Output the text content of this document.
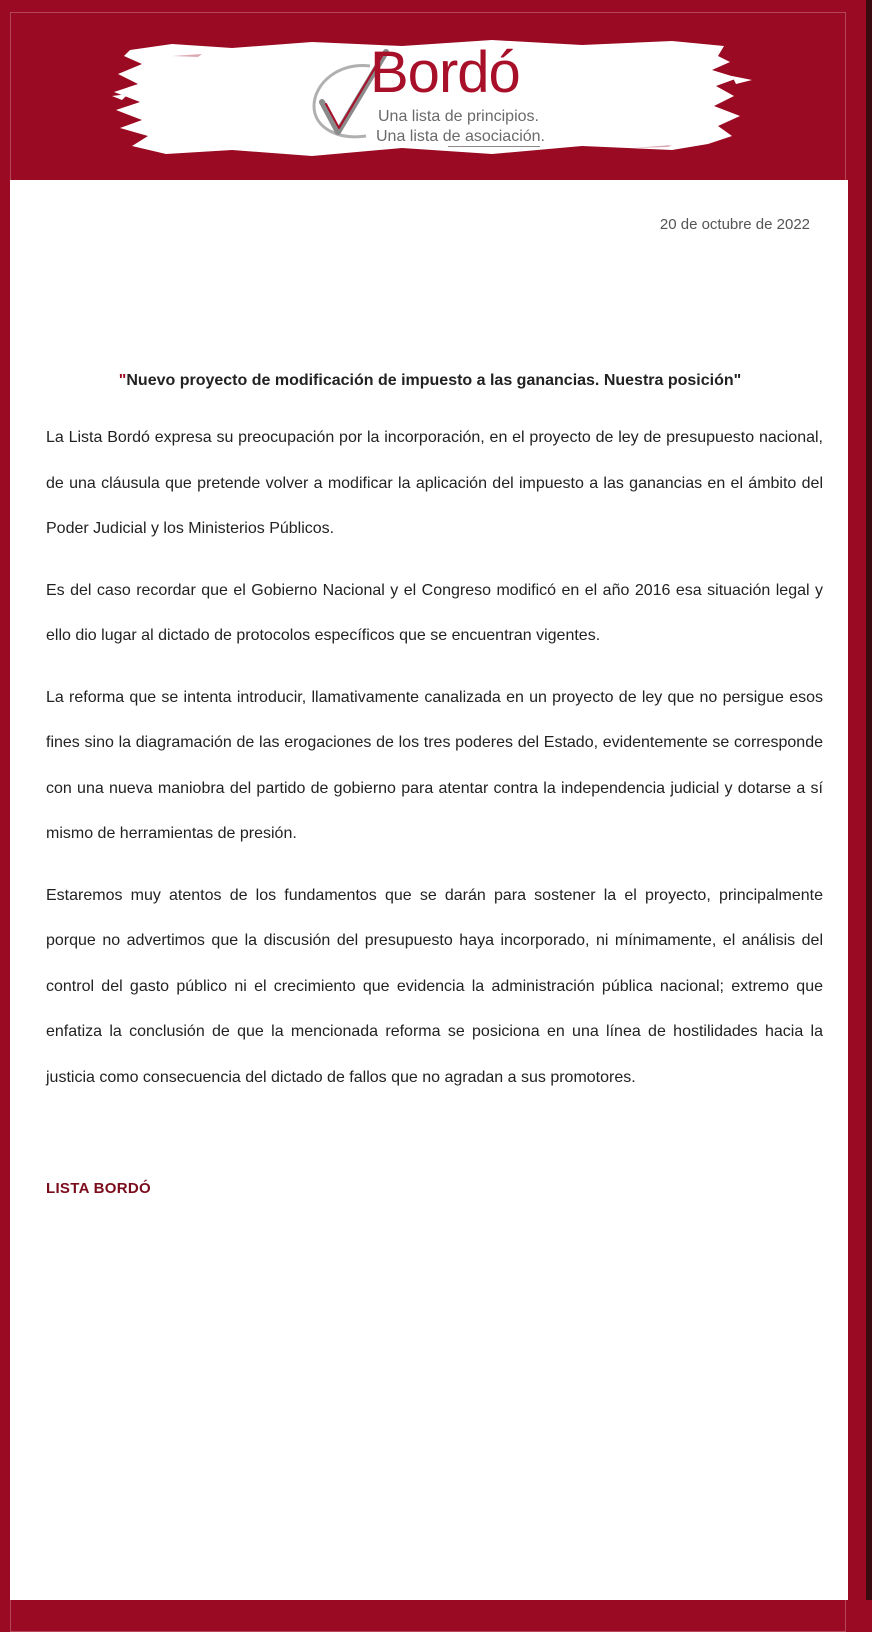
Bordó
Una lista de principios.
Una lista de asociación.
20 de octubre de 2022
"Nuevo proyecto de modificación de impuesto a las ganancias. Nuestra posición"

La Lista Bordó expresa su preocupación por la incorporación, en el proyecto de ley de presupuesto nacional, de una cláusula que pretende volver a modificar la aplicación del impuesto a las ganancias en el ámbito del Poder Judicial y los Ministerios Públicos.

Es del caso recordar que el Gobierno Nacional y el Congreso modificó en el año 2016 esa situación legal y ello dio lugar al dictado de protocolos específicos que se encuentran vigentes.

La reforma que se intenta introducir, llamativamente canalizada en un proyecto de ley que no persigue esos fines sino la diagramación de las erogaciones de los tres poderes del Estado, evidentemente se corresponde con una nueva maniobra del partido de gobierno para atentar contra la independencia judicial y dotarse a sí mismo de herramientas de presión.

Estaremos muy atentos de los fundamentos que se darán para sostener la el proyecto, principalmente porque no advertimos que la discusión del presupuesto haya incorporado, ni mínimamente, el análisis del control del gasto público ni el crecimiento que evidencia la administración pública nacional; extremo que enfatiza la conclusión de que la mencionada reforma se posiciona en una línea de hostilidades hacia la justicia como consecuencia del dictado de fallos que no agradan a sus promotores.

LISTA BORDÓ
